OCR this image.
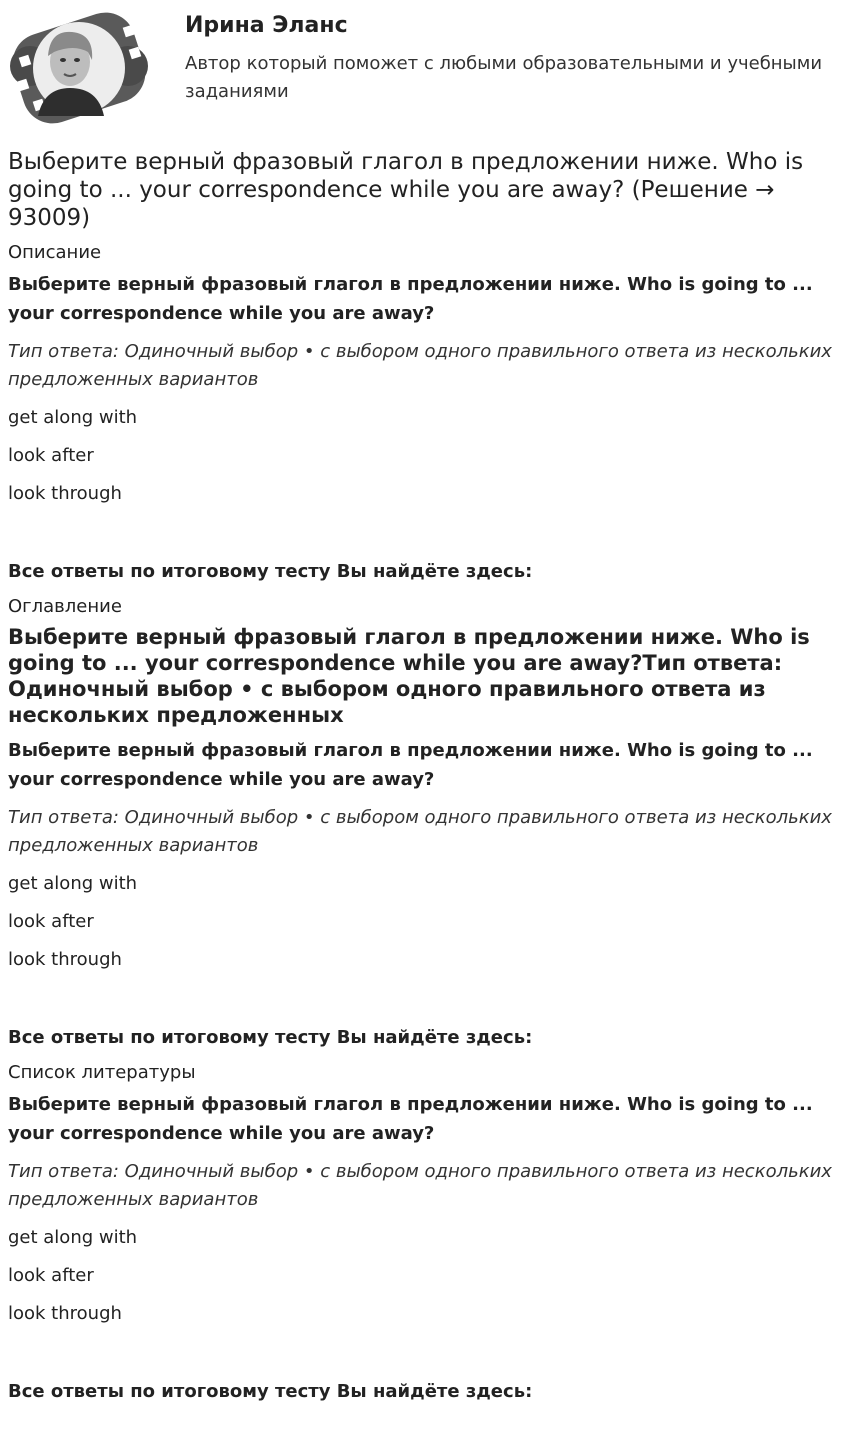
Ирина Эланс
Автор который поможет с любыми образовательными и учебными заданиями
Выберите верный фразовый глагол в предложении ниже. Who is going to ... your correspondence while you are away? (Решение → 93009)
Описание
Выберите верный фразовый глагол в предложении ниже. Who is going to ... your correspondence while you are away?
Тип ответа: Одиночный выбор • с выбором одного правильного ответа из нескольких предложенных вариантов
get along with
look after
look through
Все ответы по итоговому тесту Вы найдёте здесь:
Оглавление
Выберите верный фразовый глагол в предложении ниже. Who is going to ... your correspondence while you are away?Тип ответа: Одиночный выбор • с выбором одного правильного ответа из нескольких предложенных
Выберите верный фразовый глагол в предложении ниже. Who is going to ... your correspondence while you are away?
Тип ответа: Одиночный выбор • с выбором одного правильного ответа из нескольких предложенных вариантов
get along with
look after
look through
Все ответы по итоговому тесту Вы найдёте здесь:
Список литературы
Выберите верный фразовый глагол в предложении ниже. Who is going to ... your correspondence while you are away?
Тип ответа: Одиночный выбор • с выбором одного правильного ответа из нескольких предложенных вариантов
get along with
look after
look through
Все ответы по итоговому тесту Вы найдёте здесь:
